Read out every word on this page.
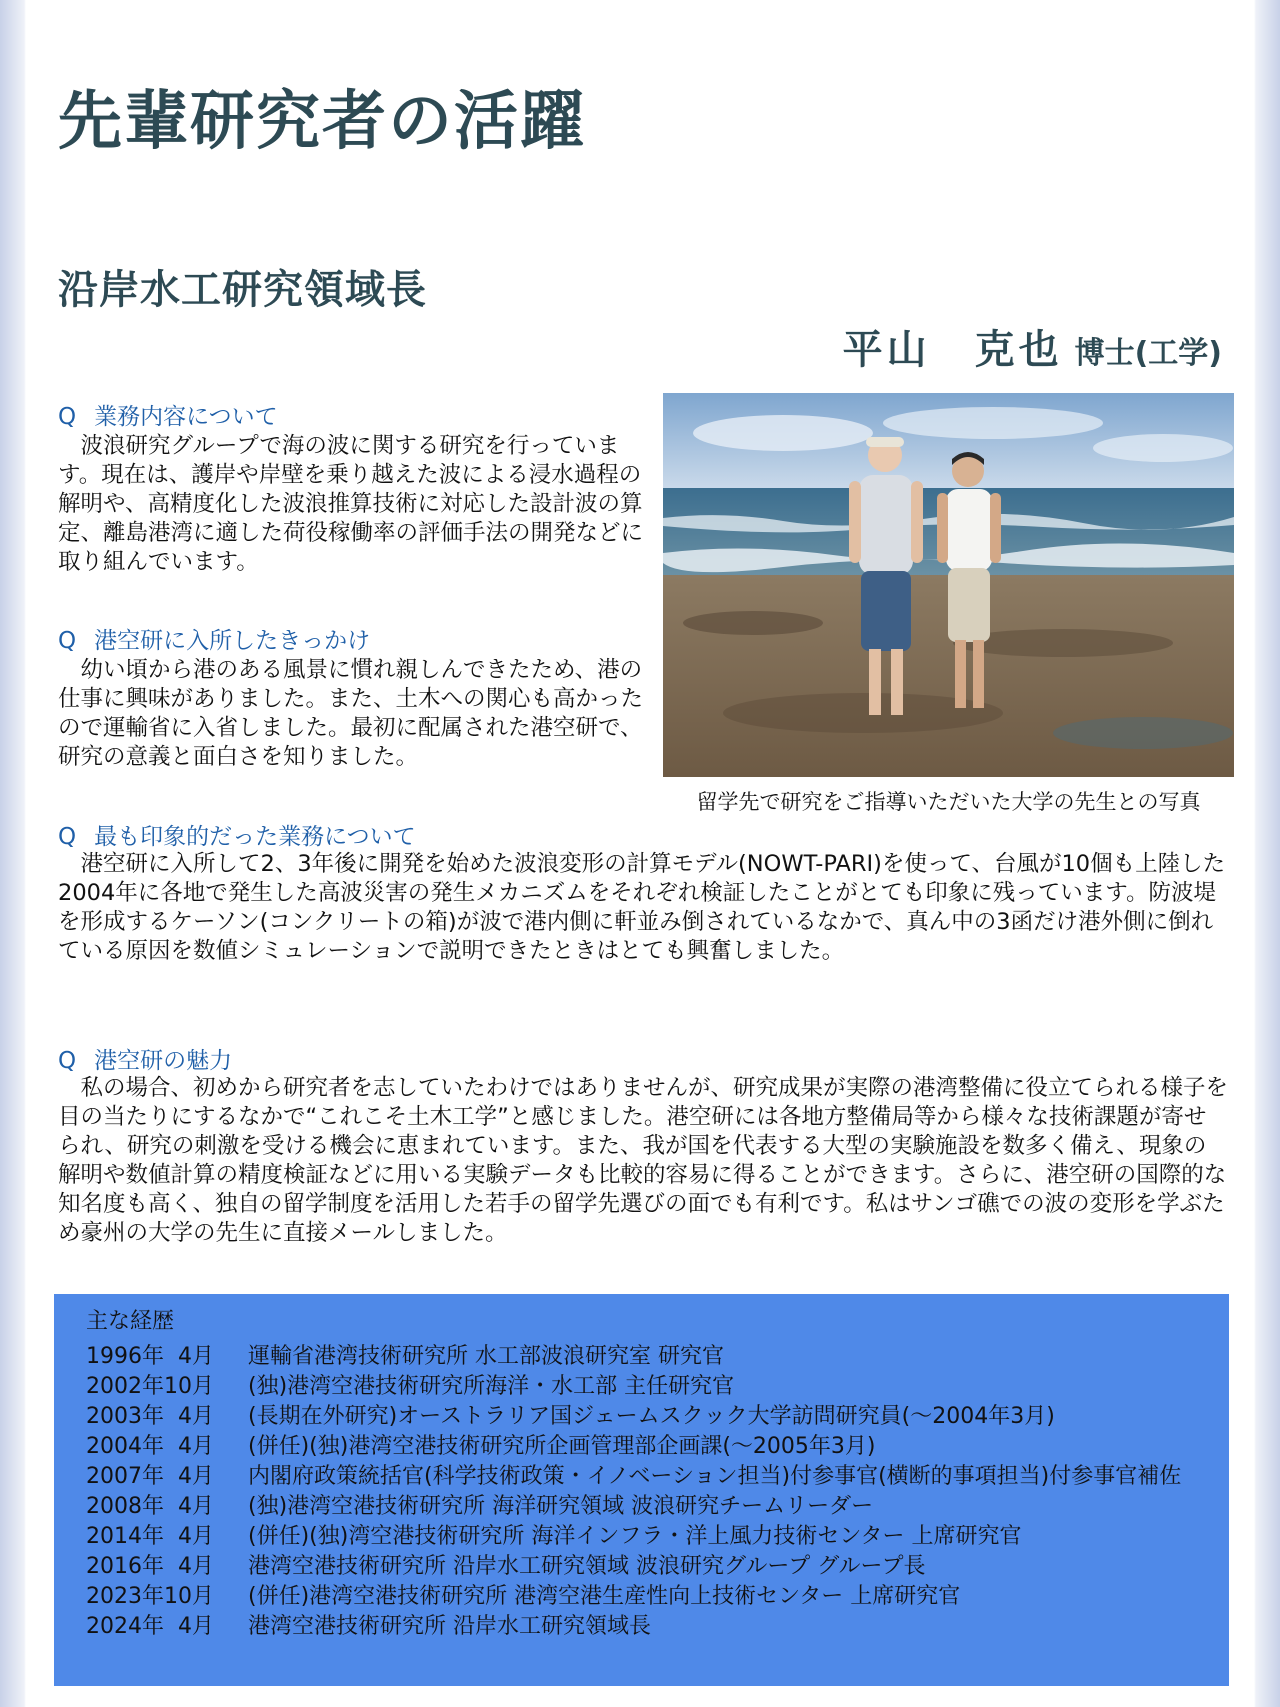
先輩研究者の活躍
沿岸水工研究領域長
平山　克也 博士(工学)
Q 業務内容について

　波浪研究グループで海の波に関する研究を行っています。現在は、護岸や岸壁を乗り越えた波による浸水過程の解明や、高精度化した波浪推算技術に対応した設計波の算定、離島港湾に適した荷役稼働率の評価手法の開発などに取り組んでいます。

Q 港空研に入所したきっかけ

　幼い頃から港のある風景に慣れ親しんできたため、港の仕事に興味がありました。また、土木への関心も高かったので運輸省に入省しました。最初に配属された港空研で、研究の意義と面白さを知りました。

留学先で研究をご指導いただいた大学の先生との写真

Q 最も印象的だった業務について

　港空研に入所して2、3年後に開発を始めた波浪変形の計算モデル(NOWT-PARI)を使って、台風が10個も上陸した2004年に各地で発生した高波災害の発生メカニズムをそれぞれ検証したことがとても印象に残っています。防波堤を形成するケーソン(コンクリートの箱)が波で港内側に軒並み倒されているなかで、真ん中の3函だけ港外側に倒れている原因を数値シミュレーションで説明できたときはとても興奮しました。

Q 港空研の魅力

　私の場合、初めから研究者を志していたわけではありませんが、研究成果が実際の港湾整備に役立てられる様子を目の当たりにするなかで“これこそ土木工学”と感じました。港空研には各地方整備局等から様々な技術課題が寄せられ、研究の刺激を受ける機会に恵まれています。また、我が国を代表する大型の実験施設を数多く備え、現象の解明や数値計算の精度検証などに用いる実験データも比較的容易に得ることができます。さらに、港空研の国際的な知名度も高く、独自の留学制度を活用した若手の留学先選びの面でも有利です。私はサンゴ礁での波の変形を学ぶため豪州の大学の先生に直接メールしました。

主な経歴

1996年  4月	運輸省港湾技術研究所 水工部波浪研究室 研究官
2002年10月	(独)港湾空港技術研究所海洋・水工部 主任研究官
2003年  4月	(長期在外研究)オーストラリア国ジェームスクック大学訪問研究員(～2004年3月)
2004年  4月	(併任)(独)港湾空港技術研究所企画管理部企画課(～2005年3月)
2007年  4月	内閣府政策統括官(科学技術政策・イノベーション担当)付参事官(横断的事項担当)付参事官補佐
2008年  4月	(独)港湾空港技術研究所 海洋研究領域 波浪研究チームリーダー
2014年  4月	(併任)(独)湾空港技術研究所 海洋インフラ・洋上風力技術センター 上席研究官
2016年  4月	港湾空港技術研究所 沿岸水工研究領域 波浪研究グループ グループ長
2023年10月	(併任)港湾空港技術研究所 港湾空港生産性向上技術センター 上席研究官
2024年  4月	港湾空港技術研究所 沿岸水工研究領域長
